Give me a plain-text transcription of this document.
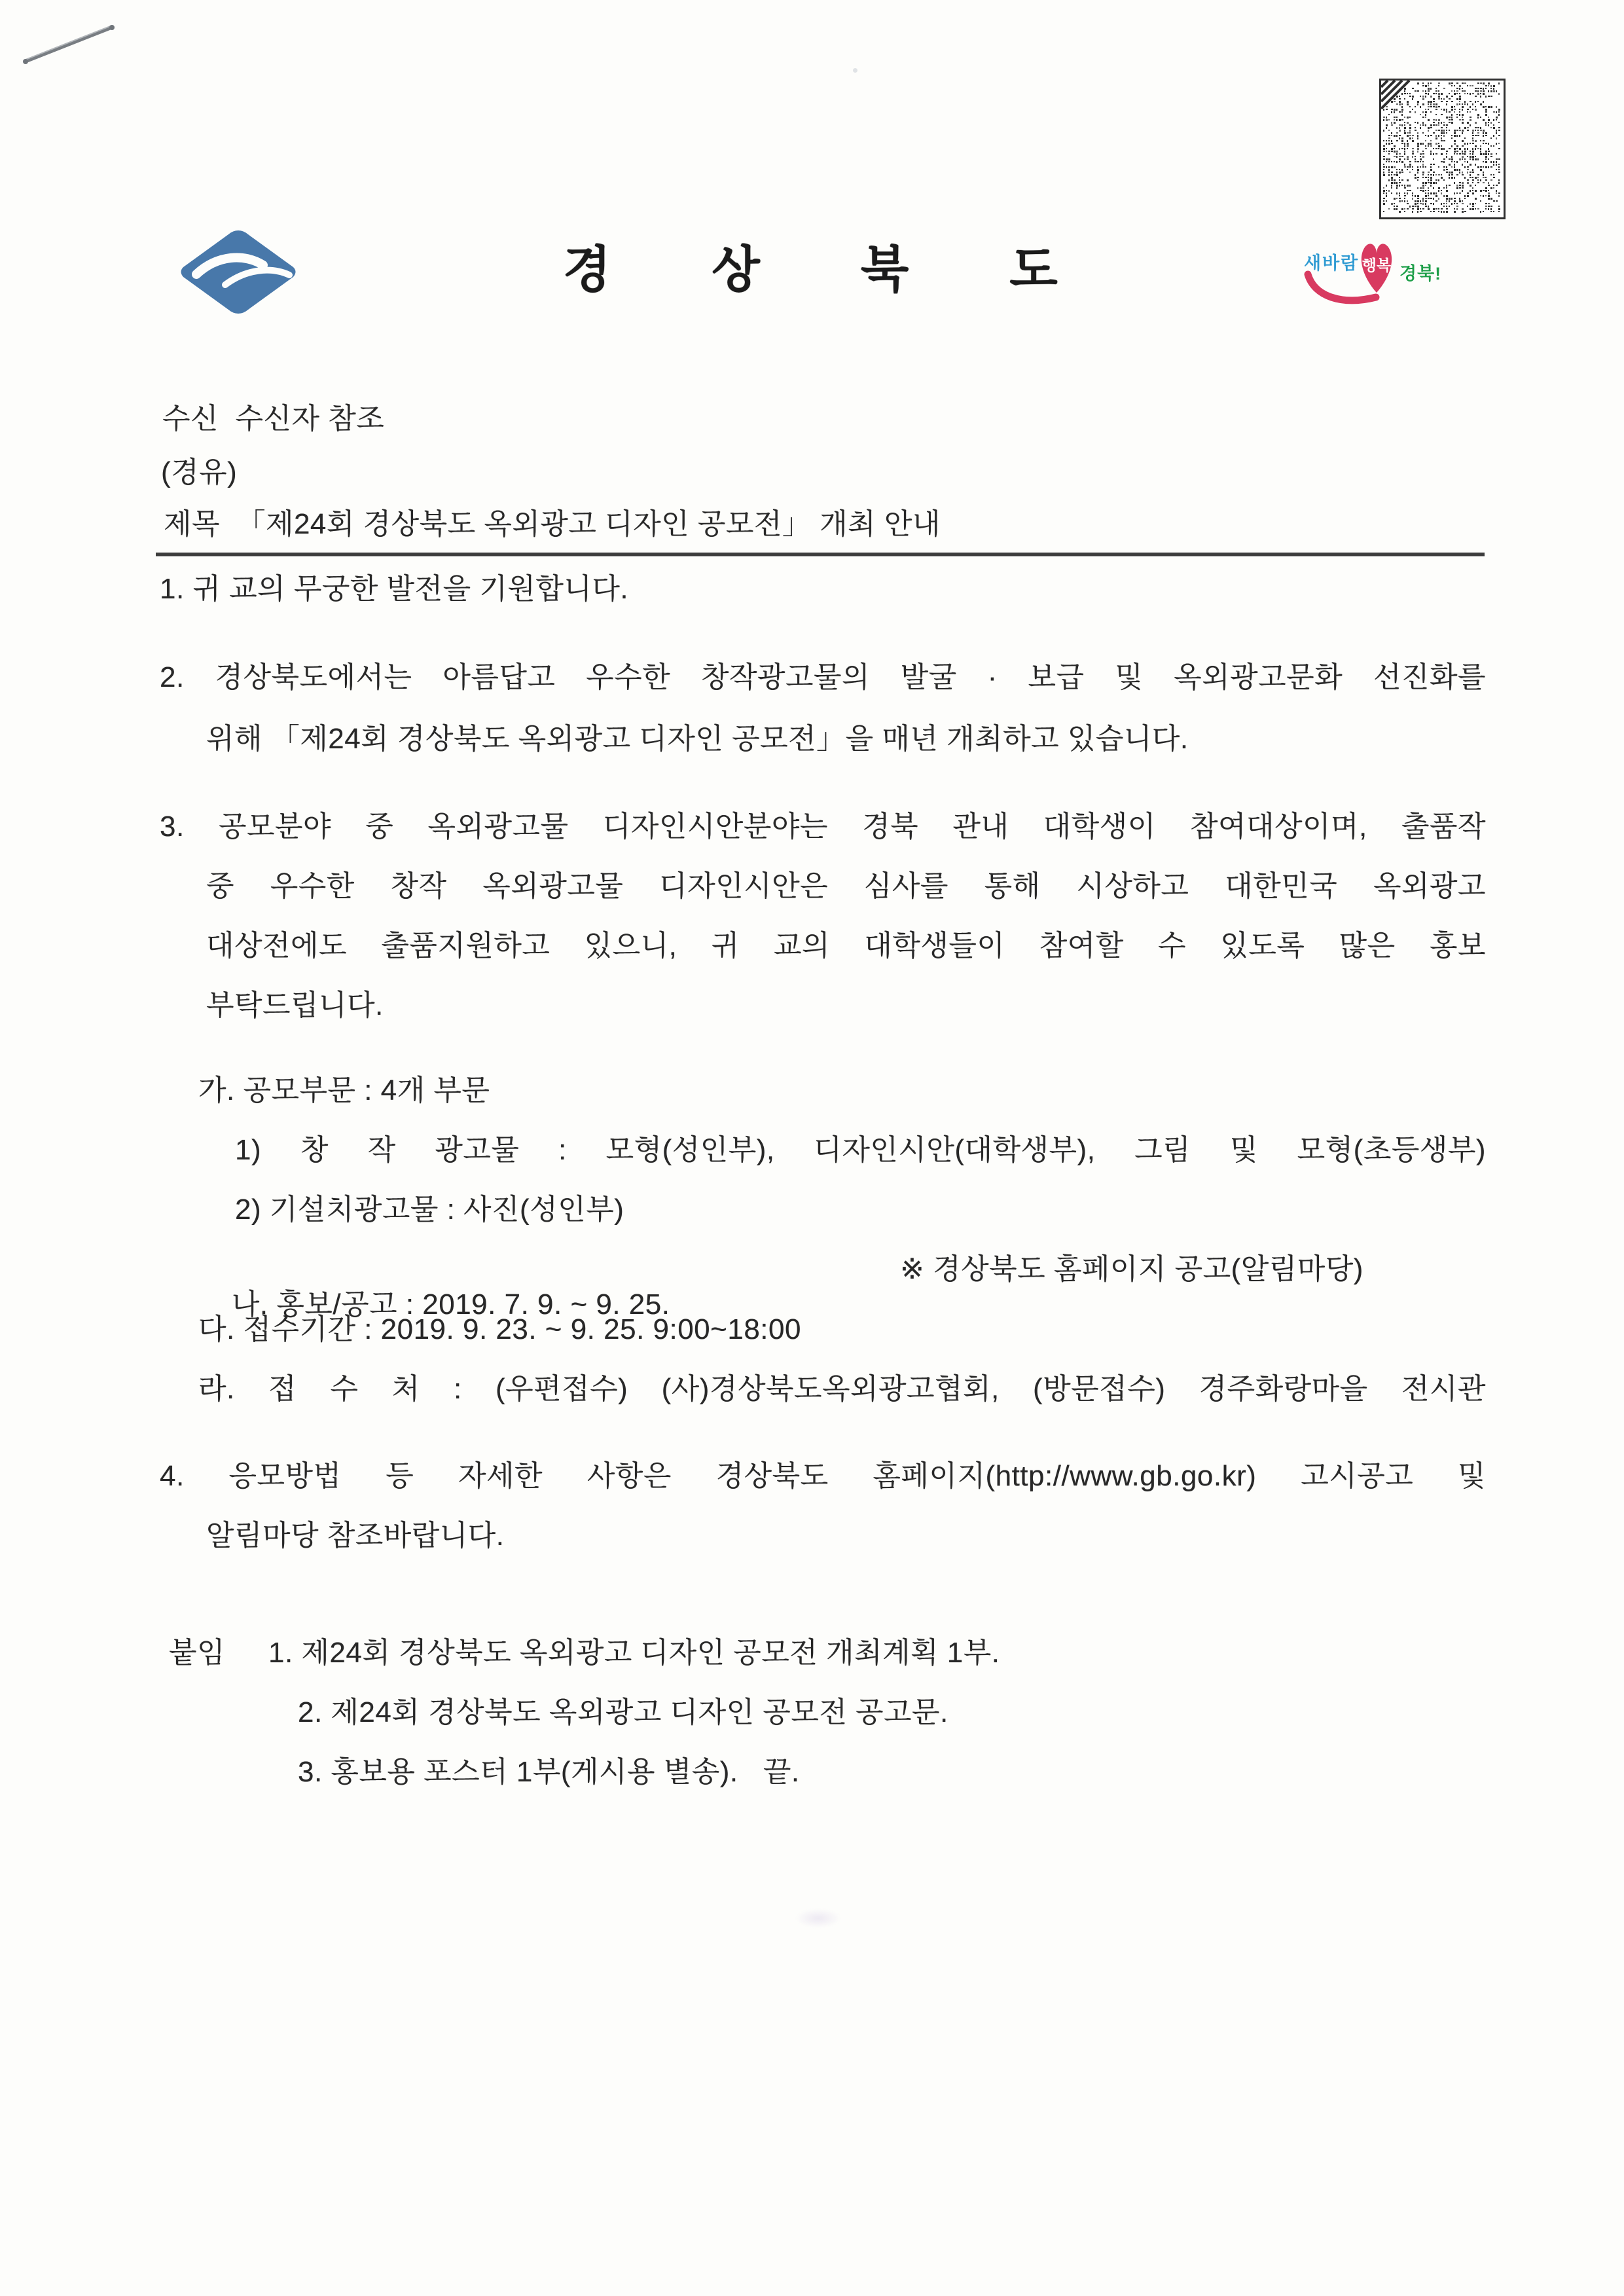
경상북도	새바람 행복 경북!
수신  수신자 참조
(경유)
제목  「제24회 경상북도 옥외광고 디자인 공모전」 개최 안내
1. 귀 교의 무궁한 발전을 기원합니다.
2. 경상북도에서는 아름답고 우수한 창작광고물의 발굴 · 보급 및 옥외광고문화 선진화를
위해 「제24회 경상북도 옥외광고 디자인 공모전」을 매년 개최하고 있습니다.
3. 공모분야 중 옥외광고물 디자인시안분야는 경북 관내 대학생이 참여대상이며, 출품작
중 우수한 창작 옥외광고물 디자인시안은 심사를 통해 시상하고 대한민국 옥외광고
대상전에도 출품지원하고 있으니, 귀 교의 대학생들이 참여할 수 있도록 많은 홍보
부탁드립니다.
가. 공모부문 : 4개 부문
1) 창 작 광고물 : 모형(성인부), 디자인시안(대학생부), 그림 및 모형(초등생부)
2) 기설치광고물 : 사진(성인부)

나. 홍보/공고 : 2019. 7. 9. ~ 9. 25.

※ 경상북도 홈페이지 공고(알림마당)

다. 접수기간 : 2019. 9. 23. ~ 9. 25. 9:00~18:00
라. 접 수 처 : (우편접수) (사)경상북도옥외광고협회, (방문접수) 경주화랑마을 전시관
4. 응모방법 등 자세한 사항은 경상북도 홈페이지(http://www.gb.go.kr) 고시공고 및
알림마당 참조바랍니다.
붙임 1. 제24회 경상북도 옥외광고 디자인 공모전 개최계획 1부.
2. 제24회 경상북도 옥외광고 디자인 공모전 공고문.
3. 홍보용 포스터 1부(게시용 별송).   끝.
